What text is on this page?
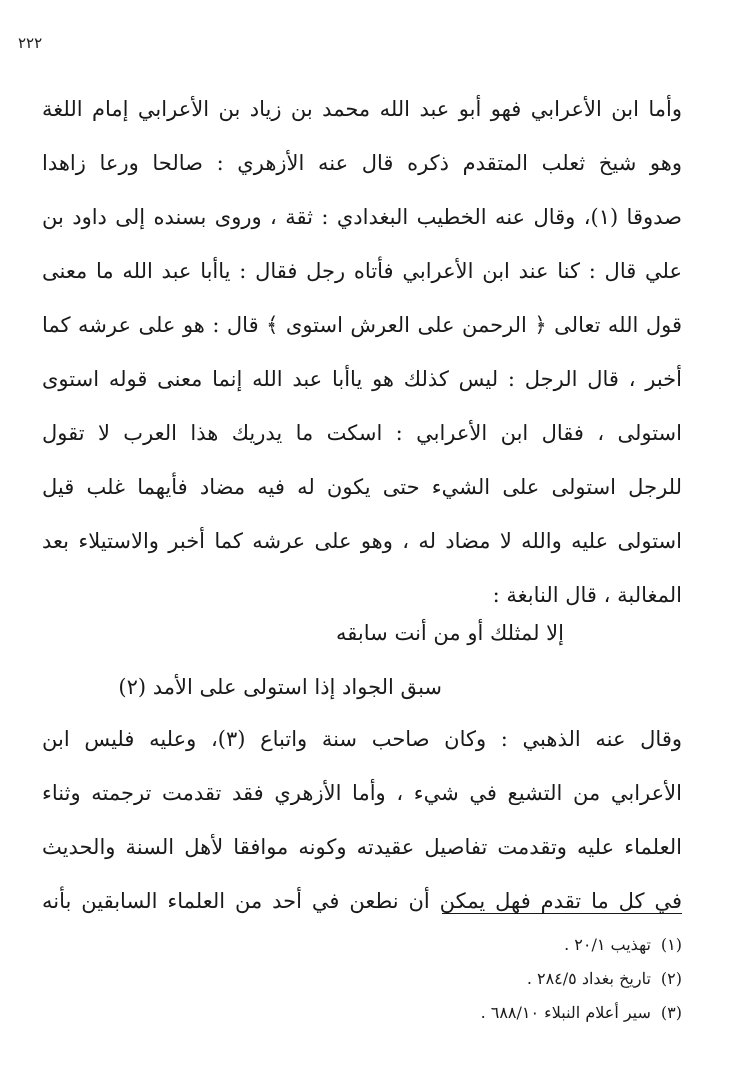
٢٢٢
وأما ابن الأعرابي فهو أبو عبد الله محمد بن زياد بن الأعرابي إمام اللغة
وهو شيخ ثعلب المتقدم ذكره قال عنه الأزهري : صالحا ورعا زاهدا
صدوقا (١)، وقال عنه الخطيب البغدادي : ثقة ، وروى بسنده إلى داود بن
علي قال : كنا عند ابن الأعرابي فأتاه رجل فقال : ياأبا عبد الله ما معنى
قول الله تعالى ﴿ الرحمن على العرش استوى ﴾ قال : هو على عرشه كما
أخبر ، قال الرجل : ليس كذلك هو ياأبا عبد الله إنما معنى قوله استوى
استولى ، فقال ابن الأعرابي : اسكت ما يدريك هذا العرب لا تقول
للرجل استولى على الشيء حتى يكون له فيه مضاد فأيهما غلب قيل
استولى عليه والله لا مضاد له ، وهو على عرشه كما أخبر والاستيلاء بعد
المغالبة ، قال النابغة :
إلا لمثلك أو من أنت سابقه
سبق الجواد إذا استولى على الأمد (٢)
وقال عنه الذهبي : وكان صاحب سنة واتباع (٣)، وعليه فليس ابن
الأعرابي من التشيع في شيء ، وأما الأزهري فقد تقدمت ترجمته وثناء
العلماء عليه وتقدمت تفاصيل عقيدته وكونه موافقا لأهل السنة والحديث
في كل ما تقدم فهل يمكن أن نطعن في أحد من العلماء السابقين بأنه
(١)تهذيب ٢٠/١ .
(٢)تاريخ بغداد ٢٨٤/٥ .
(٣)سير أعلام النبلاء ٦٨٨/١٠ .
